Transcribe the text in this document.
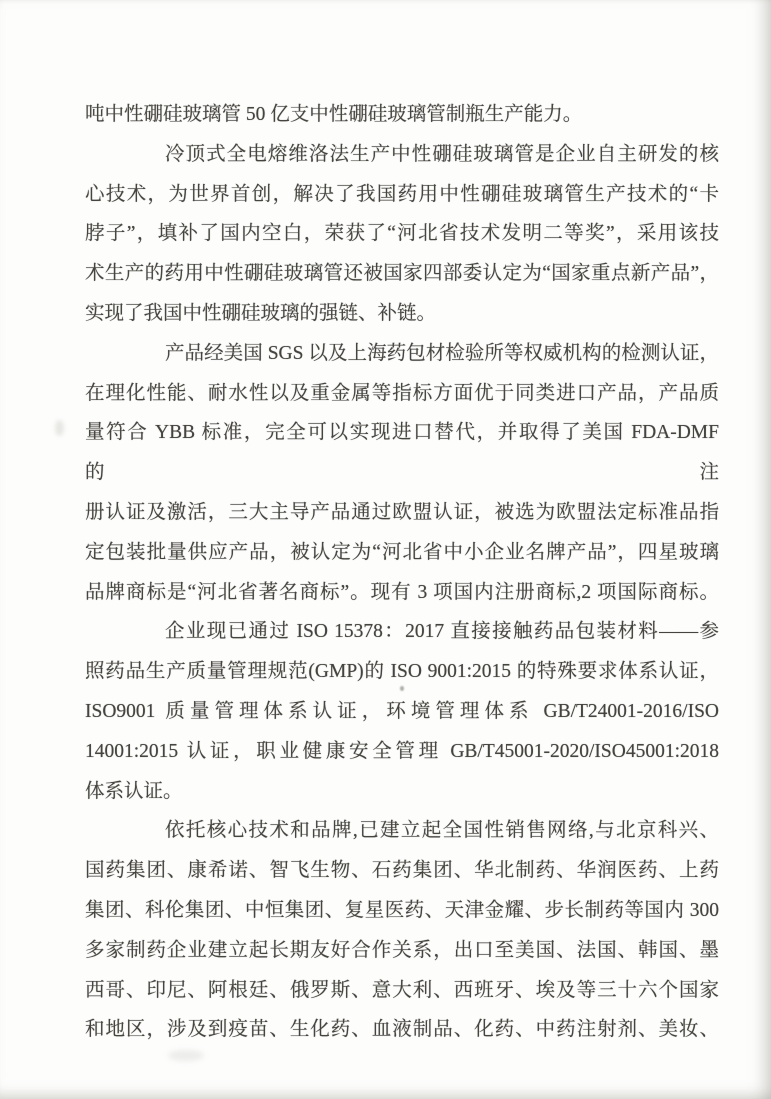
吨中性硼硅玻璃管 50 亿支中性硼硅玻璃管制瓶生产能力。
冷顶式全电熔维洛法生产中性硼硅玻璃管是企业自主研发的核
心技术，为世界首创，解决了我国药用中性硼硅玻璃管生产技术的“卡
脖子”，填补了国内空白，荣获了“河北省技术发明二等奖”，采用该技
术生产的药用中性硼硅玻璃管还被国家四部委认定为“国家重点新产品”，
实现了我国中性硼硅玻璃的强链、补链。
产品经美国 SGS 以及上海药包材检验所等权威机构的检测认证，
在理化性能、耐水性以及重金属等指标方面优于同类进口产品，产品质
量符合 YBB 标准，完全可以实现进口替代，并取得了美国 FDA-DMF 的注
册认证及激活，三大主导产品通过欧盟认证，被选为欧盟法定标准品指
定包装批量供应产品，被认定为“河北省中小企业名牌产品”，四星玻璃
品牌商标是“河北省著名商标”。现有 3 项国内注册商标,2 项国际商标。
企业现已通过 ISO 15378：2017 直接接触药品包装材料——参
照药品生产质量管理规范(GMP)的 ISO 9001:2015 的特殊要求体系认证，
ISO9001 质量管理体系认证，环境管理体系 GB/T24001-2016/ISO
14001:2015 认证，职业健康安全管理 GB/T45001-2020/ISO45001:2018
体系认证。
依托核心技术和品牌,已建立起全国性销售网络,与北京科兴、
国药集团、康希诺、智飞生物、石药集团、华北制药、华润医药、上药
集团、科伦集团、中恒集团、复星医药、天津金耀、步长制药等国内 300
多家制药企业建立起长期友好合作关系，出口至美国、法国、韩国、墨
西哥、印尼、阿根廷、俄罗斯、意大利、西班牙、埃及等三十六个国家
和地区，涉及到疫苗、生化药、血液制品、化药、中药注射剂、美妆、
